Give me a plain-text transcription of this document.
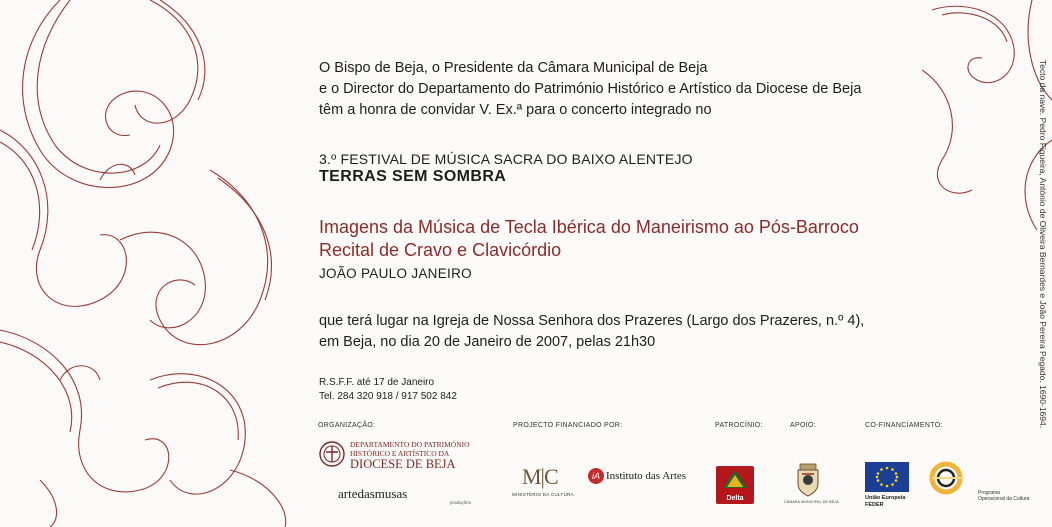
O Bispo de Beja, o Presidente da Câmara Municipal de Beja
e o Director do Departamento do Património Histórico e Artístico da Diocese de Beja
têm a honra de convidar V. Ex.ª para o concerto integrado no
3.º FESTIVAL DE MÚSICA SACRA DO BAIXO ALENTEJO
TERRAS SEM SOMBRA
Imagens da Música de Tecla Ibérica do Maneirismo ao Pós-Barroco
Recital de Cravo e Clavicórdio
JOÃO PAULO JANEIRO
que terá lugar na Igreja de Nossa Senhora dos Prazeres (Largo dos Prazeres, n.º 4),
em Beja, no dia 20 de Janeiro de 2007, pelas 21h30
R.S.F.F. até 17 de Janeiro
Tel. 284 320 918 / 917 502 842
ORGANIZAÇÃO:
DEPARTAMENTO DO PATRIMÓNIO
HISTÓRICO E ARTÍSTICO DA
DIOCESE DE BEJA
artedasmusas
produções
PROJECTO FINANCIADO POR:
M|C
MINISTÉRIO DA CULTURA
iA Instituto das Artes
PATROCÍNIO:
Delta
APOIO:
CÂMARA MUNICIPAL DE BEJA
CO-FINANCIAMENTO:
União Europeia
FEDER
Programa
Operacional da Cultura
Tecto da nave. Pedro Figueira, António de Oliveira Bernardes e João Pereira Pegado. 1690-1694.
